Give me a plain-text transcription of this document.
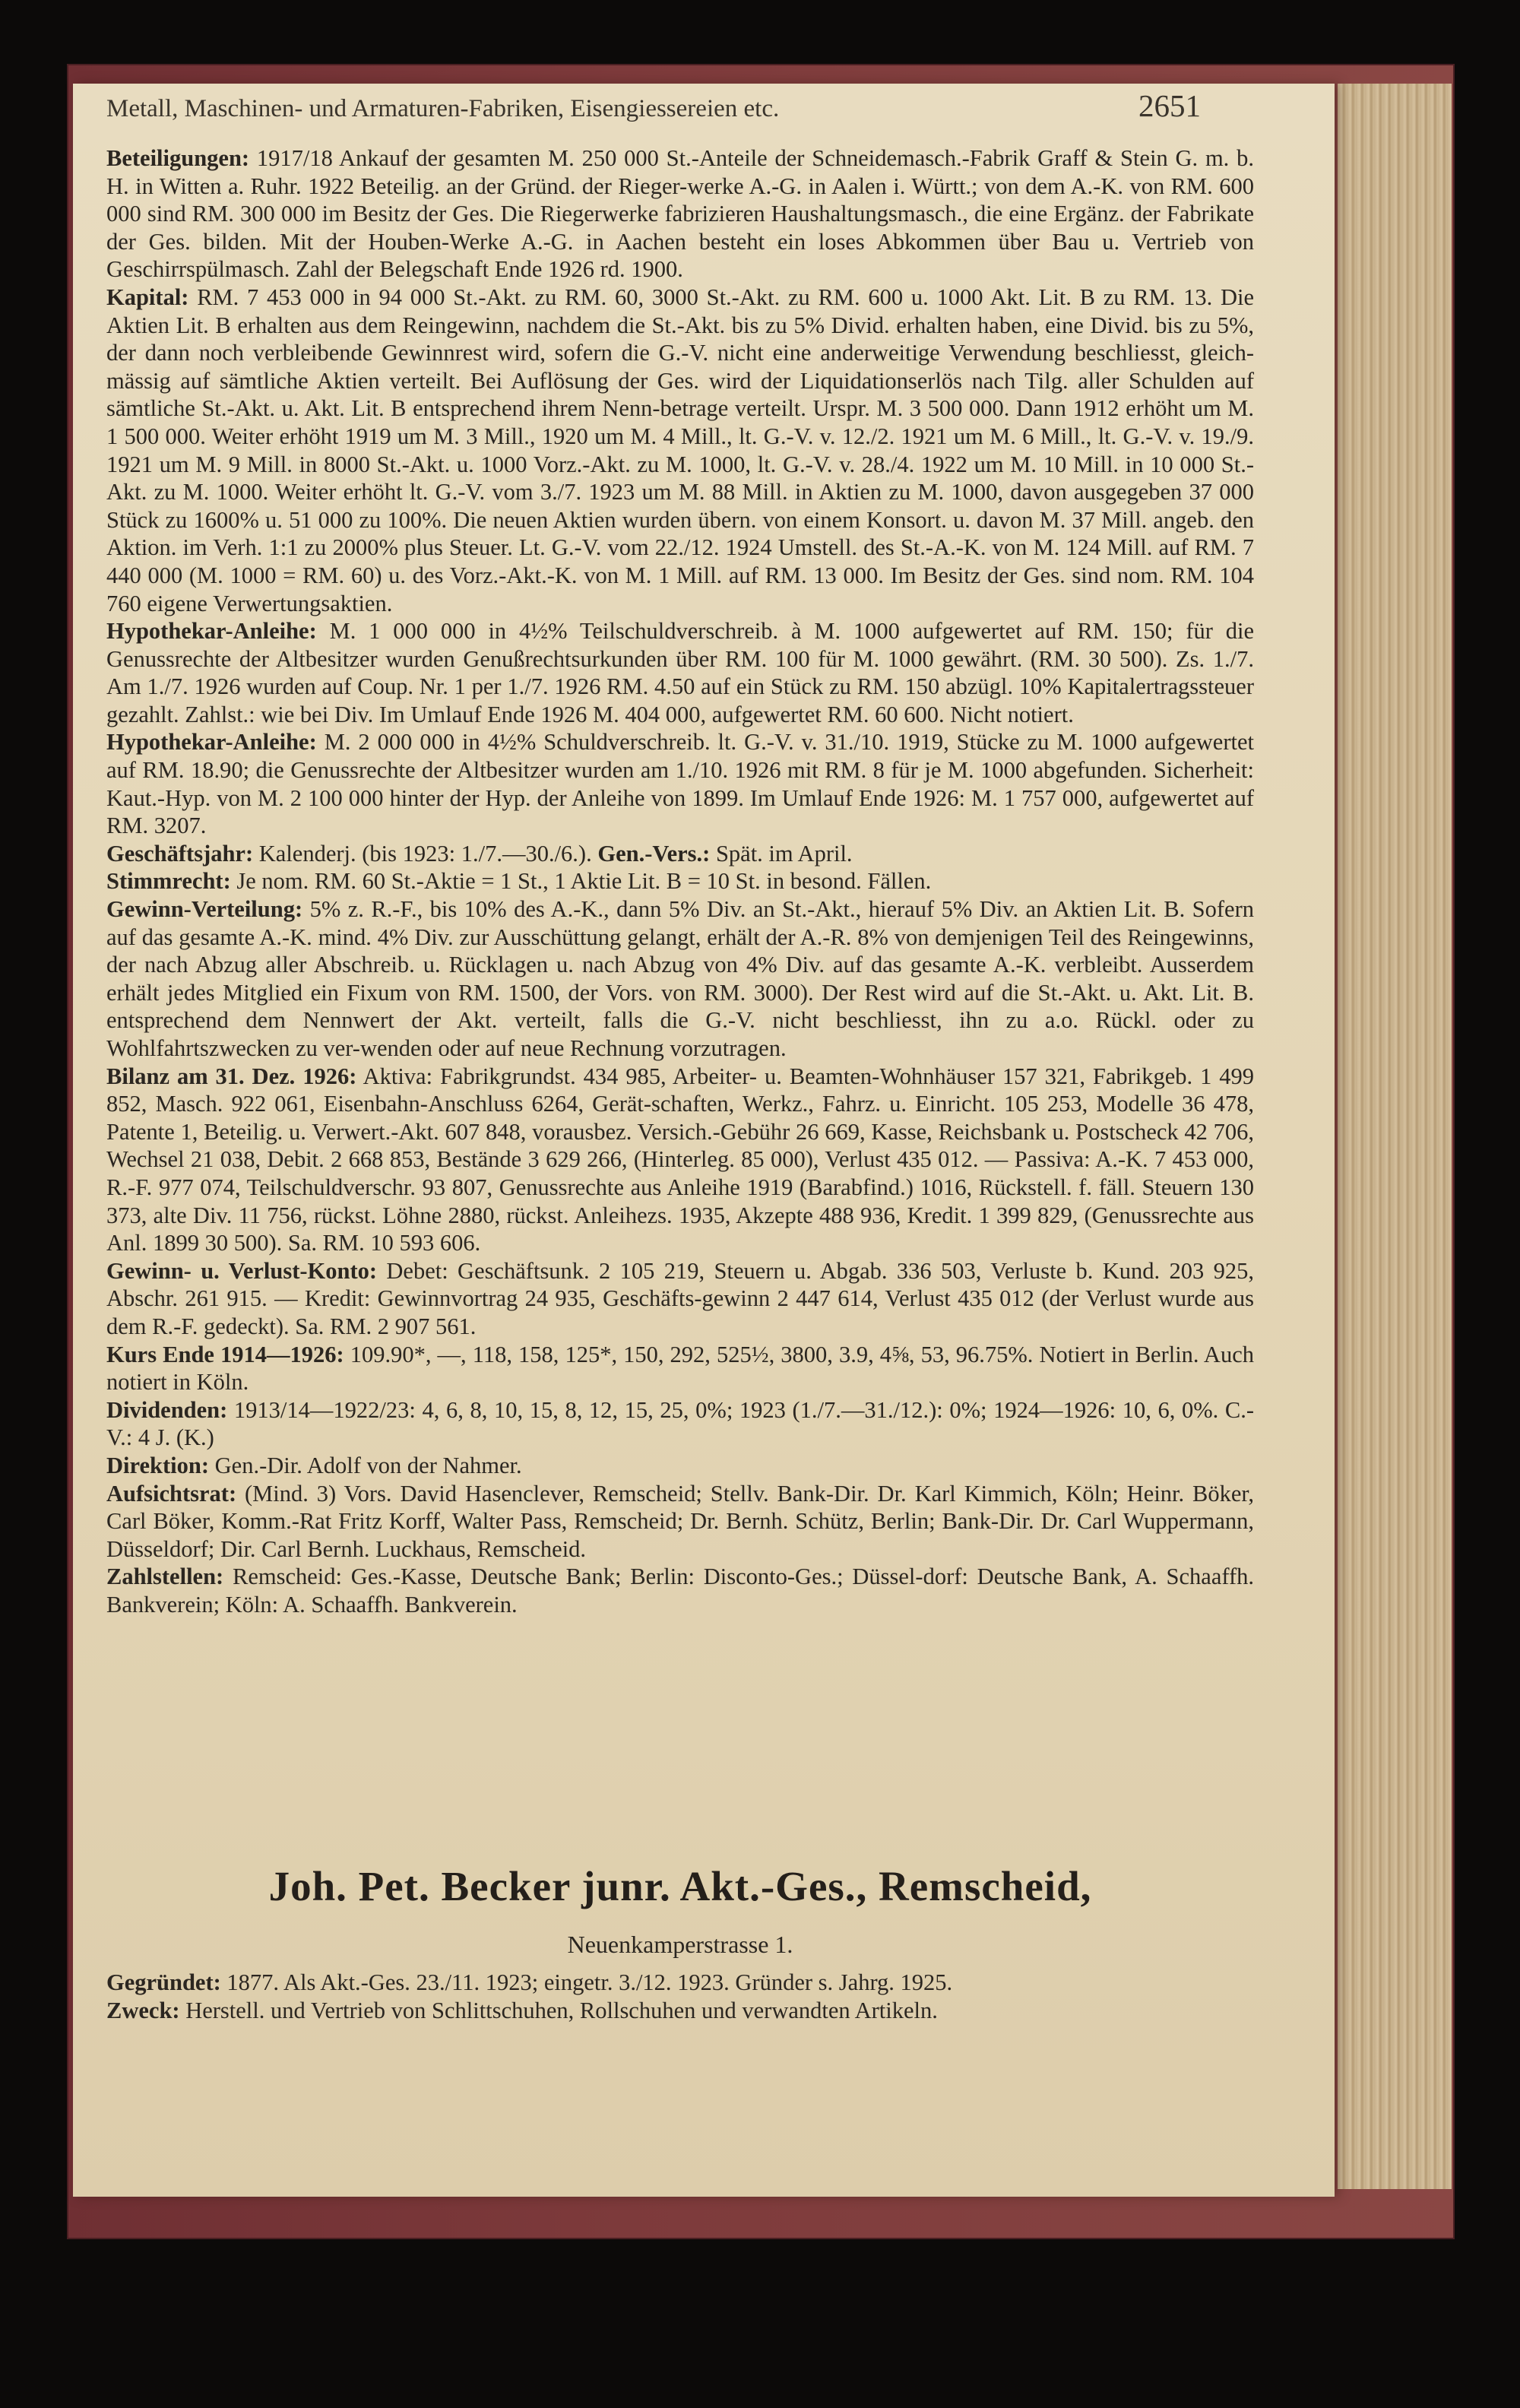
Metall, Maschinen- und Armaturen-Fabriken, Eisengiessereien etc.	2651

Beteiligungen: 1917/18 Ankauf der gesamten M. 250 000 St.-Anteile der Schneidemasch.-Fabrik Graff & Stein G. m. b. H. in Witten a. Ruhr. 1922 Beteilig. an der Gründ. der Rieger-werke A.-G. in Aalen i. Württ.; von dem A.-K. von RM. 600 000 sind RM. 300 000 im Besitz der Ges. Die Riegerwerke fabrizieren Haushaltungsmasch., die eine Ergänz. der Fabrikate der Ges. bilden. Mit der Houben-Werke A.-G. in Aachen besteht ein loses Abkommen über Bau u. Vertrieb von Geschirrspülmasch. Zahl der Belegschaft Ende 1926 rd. 1900.

Kapital: RM. 7 453 000 in 94 000 St.-Akt. zu RM. 60, 3000 St.-Akt. zu RM. 600 u. 1000 Akt. Lit. B zu RM. 13. Die Aktien Lit. B erhalten aus dem Reingewinn, nachdem die St.-Akt. bis zu 5% Divid. erhalten haben, eine Divid. bis zu 5%, der dann noch verbleibende Gewinnrest wird, sofern die G.-V. nicht eine anderweitige Verwendung beschliesst, gleich-mässig auf sämtliche Aktien verteilt. Bei Auflösung der Ges. wird der Liquidationserlös nach Tilg. aller Schulden auf sämtliche St.-Akt. u. Akt. Lit. B entsprechend ihrem Nenn-betrage verteilt. Urspr. M. 3 500 000. Dann 1912 erhöht um M. 1 500 000. Weiter erhöht 1919 um M. 3 Mill., 1920 um M. 4 Mill., lt. G.-V. v. 12./2. 1921 um M. 6 Mill., lt. G.-V. v. 19./9. 1921 um M. 9 Mill. in 8000 St.-Akt. u. 1000 Vorz.-Akt. zu M. 1000, lt. G.-V. v. 28./4. 1922 um M. 10 Mill. in 10 000 St.-Akt. zu M. 1000. Weiter erhöht lt. G.-V. vom 3./7. 1923 um M. 88 Mill. in Aktien zu M. 1000, davon ausgegeben 37 000 Stück zu 1600% u. 51 000 zu 100%. Die neuen Aktien wurden übern. von einem Konsort. u. davon M. 37 Mill. angeb. den Aktion. im Verh. 1:1 zu 2000% plus Steuer. Lt. G.-V. vom 22./12. 1924 Umstell. des St.-A.-K. von M. 124 Mill. auf RM. 7 440 000 (M. 1000 = RM. 60) u. des Vorz.-Akt.-K. von M. 1 Mill. auf RM. 13 000. Im Besitz der Ges. sind nom. RM. 104 760 eigene Verwertungsaktien.

Hypothekar-Anleihe: M. 1 000 000 in 4½% Teilschuldverschreib. à M. 1000 aufgewertet auf RM. 150; für die Genussrechte der Altbesitzer wurden Genußrechtsurkunden über RM. 100 für M. 1000 gewährt. (RM. 30 500). Zs. 1./7. Am 1./7. 1926 wurden auf Coup. Nr. 1 per 1./7. 1926 RM. 4.50 auf ein Stück zu RM. 150 abzügl. 10% Kapitalertragssteuer gezahlt. Zahlst.: wie bei Div. Im Umlauf Ende 1926 M. 404 000, aufgewertet RM. 60 600. Nicht notiert.

Hypothekar-Anleihe: M. 2 000 000 in 4½% Schuldverschreib. lt. G.-V. v. 31./10. 1919, Stücke zu M. 1000 aufgewertet auf RM. 18.90; die Genussrechte der Altbesitzer wurden am 1./10. 1926 mit RM. 8 für je M. 1000 abgefunden. Sicherheit: Kaut.-Hyp. von M. 2 100 000 hinter der Hyp. der Anleihe von 1899. Im Umlauf Ende 1926: M. 1 757 000, aufgewertet auf RM. 3207.

Geschäftsjahr: Kalenderj. (bis 1923: 1./7.—30./6.). Gen.-Vers.: Spät. im April.

Stimmrecht: Je nom. RM. 60 St.-Aktie = 1 St., 1 Aktie Lit. B = 10 St. in besond. Fällen.

Gewinn-Verteilung: 5% z. R.-F., bis 10% des A.-K., dann 5% Div. an St.-Akt., hierauf 5% Div. an Aktien Lit. B. Sofern auf das gesamte A.-K. mind. 4% Div. zur Ausschüttung gelangt, erhält der A.-R. 8% von demjenigen Teil des Reingewinns, der nach Abzug aller Abschreib. u. Rücklagen u. nach Abzug von 4% Div. auf das gesamte A.-K. verbleibt. Ausserdem erhält jedes Mitglied ein Fixum von RM. 1500, der Vors. von RM. 3000). Der Rest wird auf die St.-Akt. u. Akt. Lit. B. entsprechend dem Nennwert der Akt. verteilt, falls die G.-V. nicht beschliesst, ihn zu a.o. Rückl. oder zu Wohlfahrtszwecken zu ver-wenden oder auf neue Rechnung vorzutragen.

Bilanz am 31. Dez. 1926: Aktiva: Fabrikgrundst. 434 985, Arbeiter- u. Beamten-Wohnhäuser 157 321, Fabrikgeb. 1 499 852, Masch. 922 061, Eisenbahn-Anschluss 6264, Gerät-schaften, Werkz., Fahrz. u. Einricht. 105 253, Modelle 36 478, Patente 1, Beteilig. u. Verwert.-Akt. 607 848, vorausbez. Versich.-Gebühr 26 669, Kasse, Reichsbank u. Postscheck 42 706, Wechsel 21 038, Debit. 2 668 853, Bestände 3 629 266, (Hinterleg. 85 000), Verlust 435 012. — Passiva: A.-K. 7 453 000, R.-F. 977 074, Teilschuldverschr. 93 807, Genussrechte aus Anleihe 1919 (Barabfind.) 1016, Rückstell. f. fäll. Steuern 130 373, alte Div. 11 756, rückst. Löhne 2880, rückst. Anleihezs. 1935, Akzepte 488 936, Kredit. 1 399 829, (Genussrechte aus Anl. 1899 30 500). Sa. RM. 10 593 606.

Gewinn- u. Verlust-Konto: Debet: Geschäftsunk. 2 105 219, Steuern u. Abgab. 336 503, Verluste b. Kund. 203 925, Abschr. 261 915. — Kredit: Gewinnvortrag 24 935, Geschäfts-gewinn 2 447 614, Verlust 435 012 (der Verlust wurde aus dem R.-F. gedeckt). Sa. RM. 2 907 561.

Kurs Ende 1914—1926: 109.90*, —, 118, 158, 125*, 150, 292, 525½, 3800, 3.9, 4⅝, 53, 96.75%. Notiert in Berlin. Auch notiert in Köln.

Dividenden: 1913/14—1922/23: 4, 6, 8, 10, 15, 8, 12, 15, 25, 0%; 1923 (1./7.—31./12.): 0%; 1924—1926: 10, 6, 0%. C.-V.: 4 J. (K.)

Direktion: Gen.-Dir. Adolf von der Nahmer.

Aufsichtsrat: (Mind. 3) Vors. David Hasenclever, Remscheid; Stellv. Bank-Dir. Dr. Karl Kimmich, Köln; Heinr. Böker, Carl Böker, Komm.-Rat Fritz Korff, Walter Pass, Remscheid; Dr. Bernh. Schütz, Berlin; Bank-Dir. Dr. Carl Wuppermann, Düsseldorf; Dir. Carl Bernh. Luckhaus, Remscheid.

Zahlstellen: Remscheid: Ges.-Kasse, Deutsche Bank; Berlin: Disconto-Ges.; Düssel-dorf: Deutsche Bank, A. Schaaffh. Bankverein; Köln: A. Schaaffh. Bankverein.

Joh. Pet. Becker junr. Akt.-Ges., Remscheid,
Neuenkamperstrasse 1.

Gegründet: 1877. Als Akt.-Ges. 23./11. 1923; eingetr. 3./12. 1923. Gründer s. Jahrg. 1925.

Zweck: Herstell. und Vertrieb von Schlittschuhen, Rollschuhen und verwandten Artikeln.
